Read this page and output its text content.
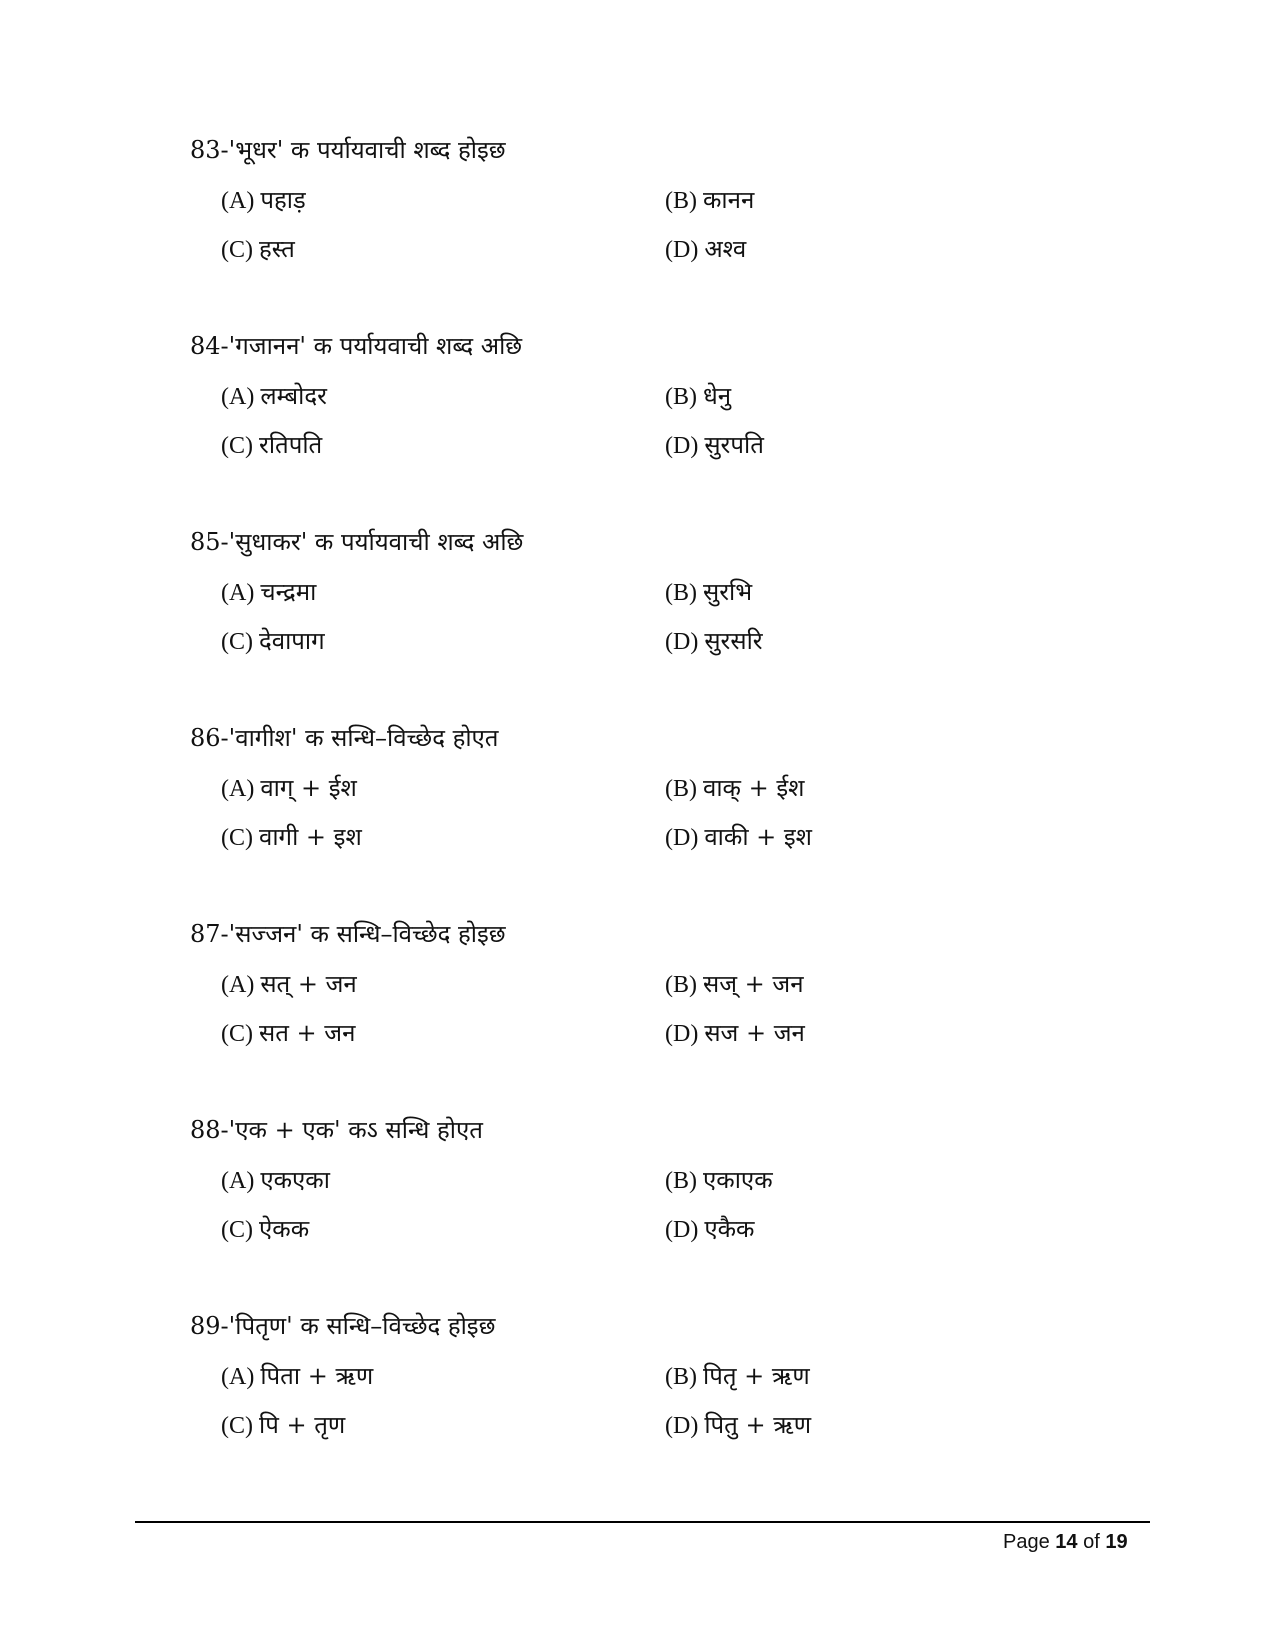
83-'भूधर' क पर्यायवाची शब्द होइछ
(A) पहाड़	(B) कानन
(C) हस्त	(D) अश्व
84-'गजानन' क पर्यायवाची शब्द अछि
(A) लम्बोदर	(B) धेनु
(C) रतिपति	(D) सुरपति
85-'सुधाकर' क पर्यायवाची शब्द अछि
(A) चन्द्रमा	(B) सुरभि
(C) देवापाग	(D) सुरसरि
86-'वागीश' क सन्धि–विच्छेद होएत
(A) वाग् + ईश	(B) वाक् + ईश
(C) वागी + इश	(D) वाकी + इश
87-'सज्जन' क सन्धि–विच्छेद होइछ
(A) सत् + जन	(B) सज् + जन
(C) सत + जन	(D) सज + जन
88-'एक + एक' कऽ सन्धि होएत
(A) एकएका	(B) एकाएक
(C) ऐकक	(D) एकैक
89-'पितृण' क सन्धि–विच्छेद होइछ
(A) पिता + ऋण	(B) पितृ + ऋण
(C) पि + तृण	(D) पितु + ऋण
Page 14 of 19
